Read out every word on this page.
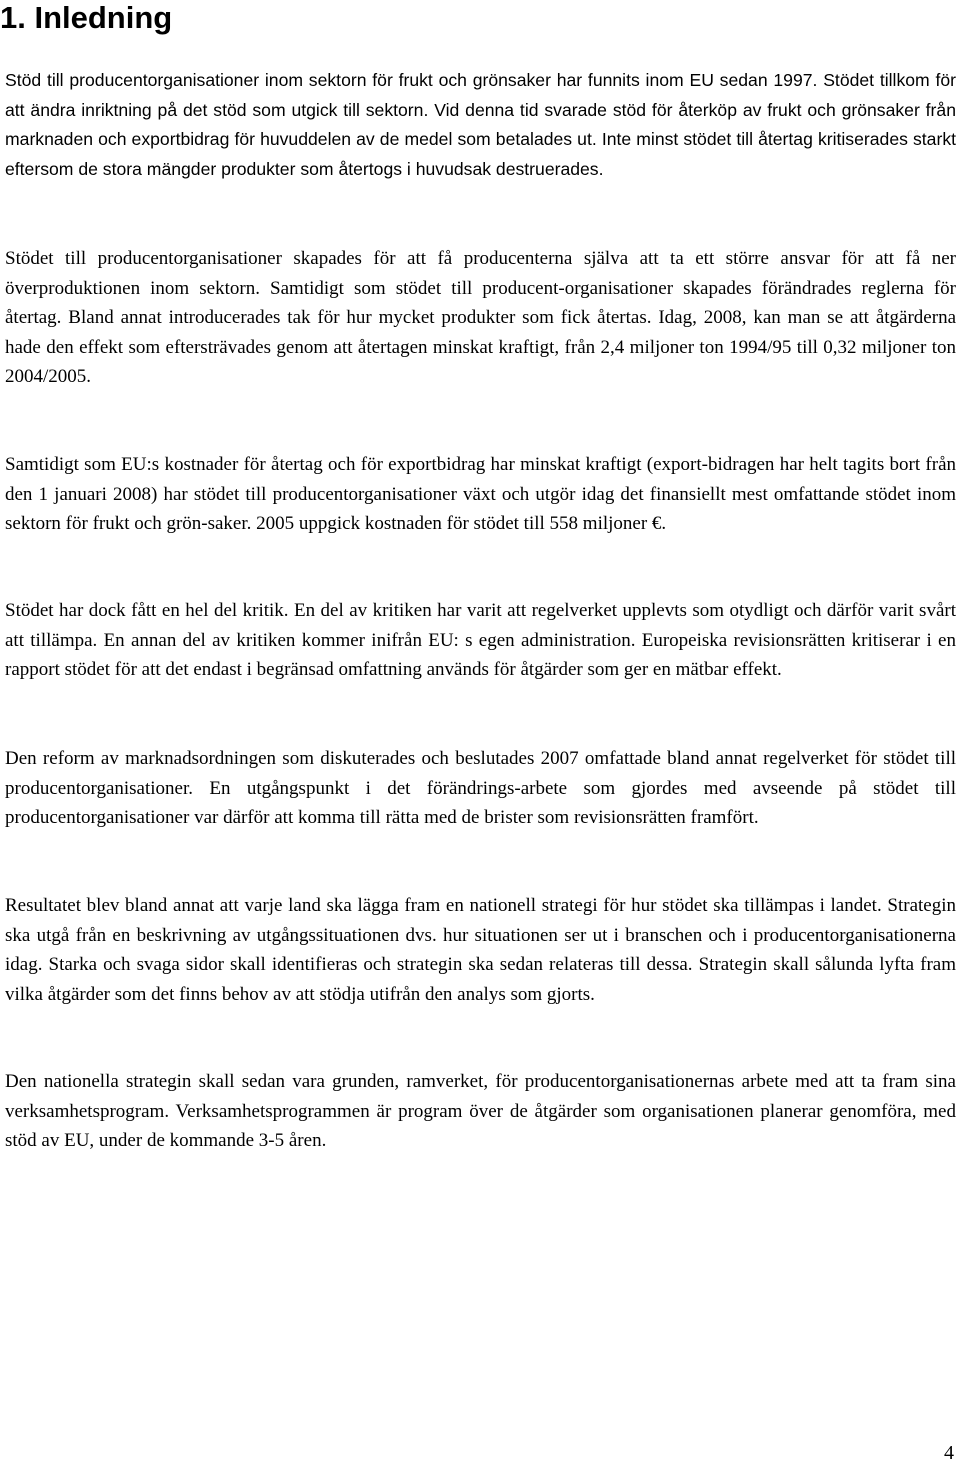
1. Inledning

Stöd till producentorganisationer inom sektorn för frukt och grönsaker har funnits inom EU sedan 1997. Stödet tillkom för att ändra inriktning på det stöd som utgick till sektorn. Vid denna tid svarade stöd för återköp av frukt och grönsaker från marknaden och exportbidrag för huvuddelen av de medel som betalades ut. Inte minst stödet till återtag kritiserades starkt eftersom de stora mängder produkter som återtogs i huvudsak destruerades.

Stödet till producentorganisationer skapades för att få producenterna själva att ta ett större ansvar för att få ner överproduktionen inom sektorn. Samtidigt som stödet till producent-organisationer skapades förändrades reglerna för återtag. Bland annat introducerades tak för hur mycket produkter som fick återtas. Idag, 2008, kan man se att åtgärderna hade den effekt som eftersträvades genom att återtagen minskat kraftigt, från 2,4 miljoner ton 1994/95 till 0,32 miljoner ton 2004/2005.

Samtidigt som EU:s kostnader för återtag och för exportbidrag har minskat kraftigt (export-bidragen har helt tagits bort från den 1 januari 2008) har stödet till producentorganisationer växt och utgör idag det finansiellt mest omfattande stödet inom sektorn för frukt och grön-saker. 2005 uppgick kostnaden för stödet till 558 miljoner €.

Stödet har dock fått en hel del kritik. En del av kritiken har varit att regelverket upplevts som otydligt och därför varit svårt att tillämpa. En annan del av kritiken kommer inifrån EU: s egen administration. Europeiska revisionsrätten kritiserar i en rapport stödet för att det endast i begränsad omfattning används för åtgärder som ger en mätbar effekt.

Den reform av marknadsordningen som diskuterades och beslutades 2007 omfattade bland annat regelverket för stödet till producentorganisationer. En utgångspunkt i det förändrings-arbete som gjordes med avseende på stödet till producentorganisationer var därför att komma till rätta med de brister som revisionsrätten framfört.

Resultatet blev bland annat att varje land ska lägga fram en nationell strategi för hur stödet ska tillämpas i landet. Strategin ska utgå från en beskrivning av utgångssituationen dvs. hur situationen ser ut i branschen och i producentorganisationerna idag. Starka och svaga sidor skall identifieras och strategin ska sedan relateras till dessa. Strategin skall sålunda lyfta fram vilka åtgärder som det finns behov av att stödja utifrån den analys som gjorts.

Den nationella strategin skall sedan vara grunden, ramverket, för producentorganisationernas arbete med att ta fram sina verksamhetsprogram. Verksamhetsprogrammen är program över de åtgärder som organisationen planerar genomföra, med stöd av EU, under de kommande 3-5 åren.

4
